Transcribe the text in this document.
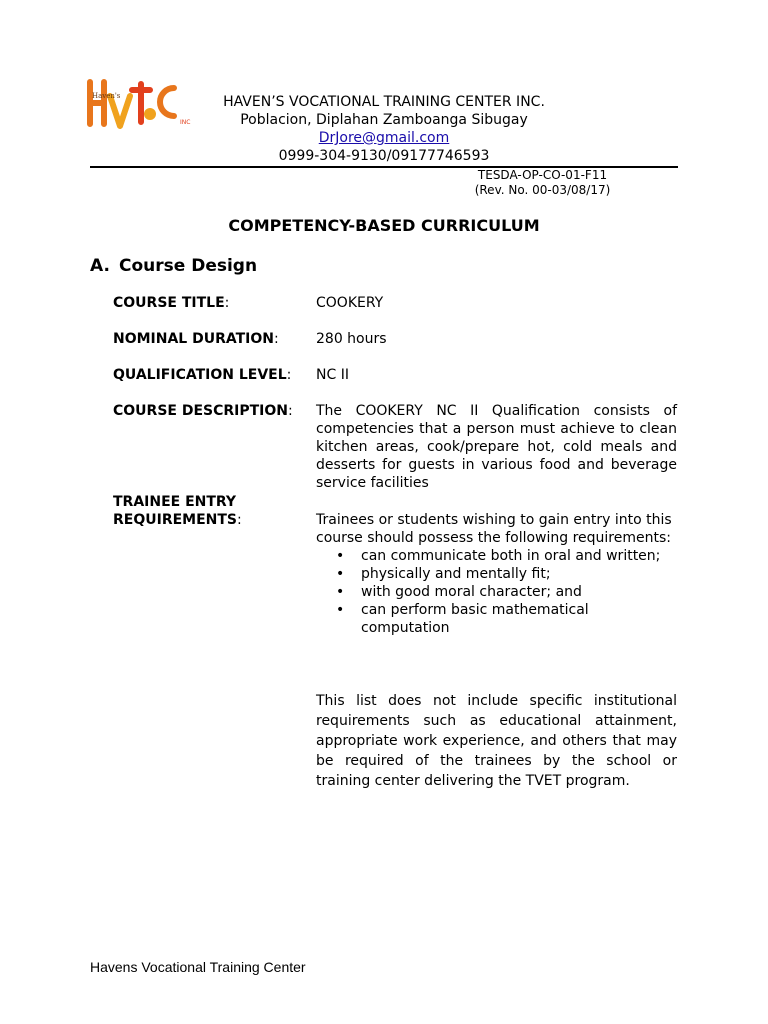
Haven's
INC
HAVEN’S VOCATIONAL TRAINING CENTER INC.
Poblacion, Diplahan Zamboanga Sibugay
DrJore@gmail.com
0999-304-9130/09177746593
TESDA-OP-CO-01-F11
(Rev. No. 00-03/08/17)
COMPETENCY-BASED CURRICULUM
A. Course Design
COURSE TITLE:	COOKERY
NOMINAL DURATION:	280 hours
QUALIFICATION LEVEL:	NC II
COURSE DESCRIPTION:	The COOKERY NC II Qualification consists of competencies that a person must achieve to clean kitchen areas, cook/prepare hot, cold meals and desserts for guests in various food and beverage service facilities
TRAINEE ENTRY
REQUIREMENTS:	Trainees or students wishing to gain entry into this course should possess the following requirements:
• can communicate both in oral and written;
• physically and mentally fit;
• with good moral character; and
• can perform basic mathematical computation
This list does not include specific institutional requirements such as educational attainment, appropriate work experience, and others that may be required of the trainees by the school or training center delivering the TVET program.
Havens Vocational Training Center
